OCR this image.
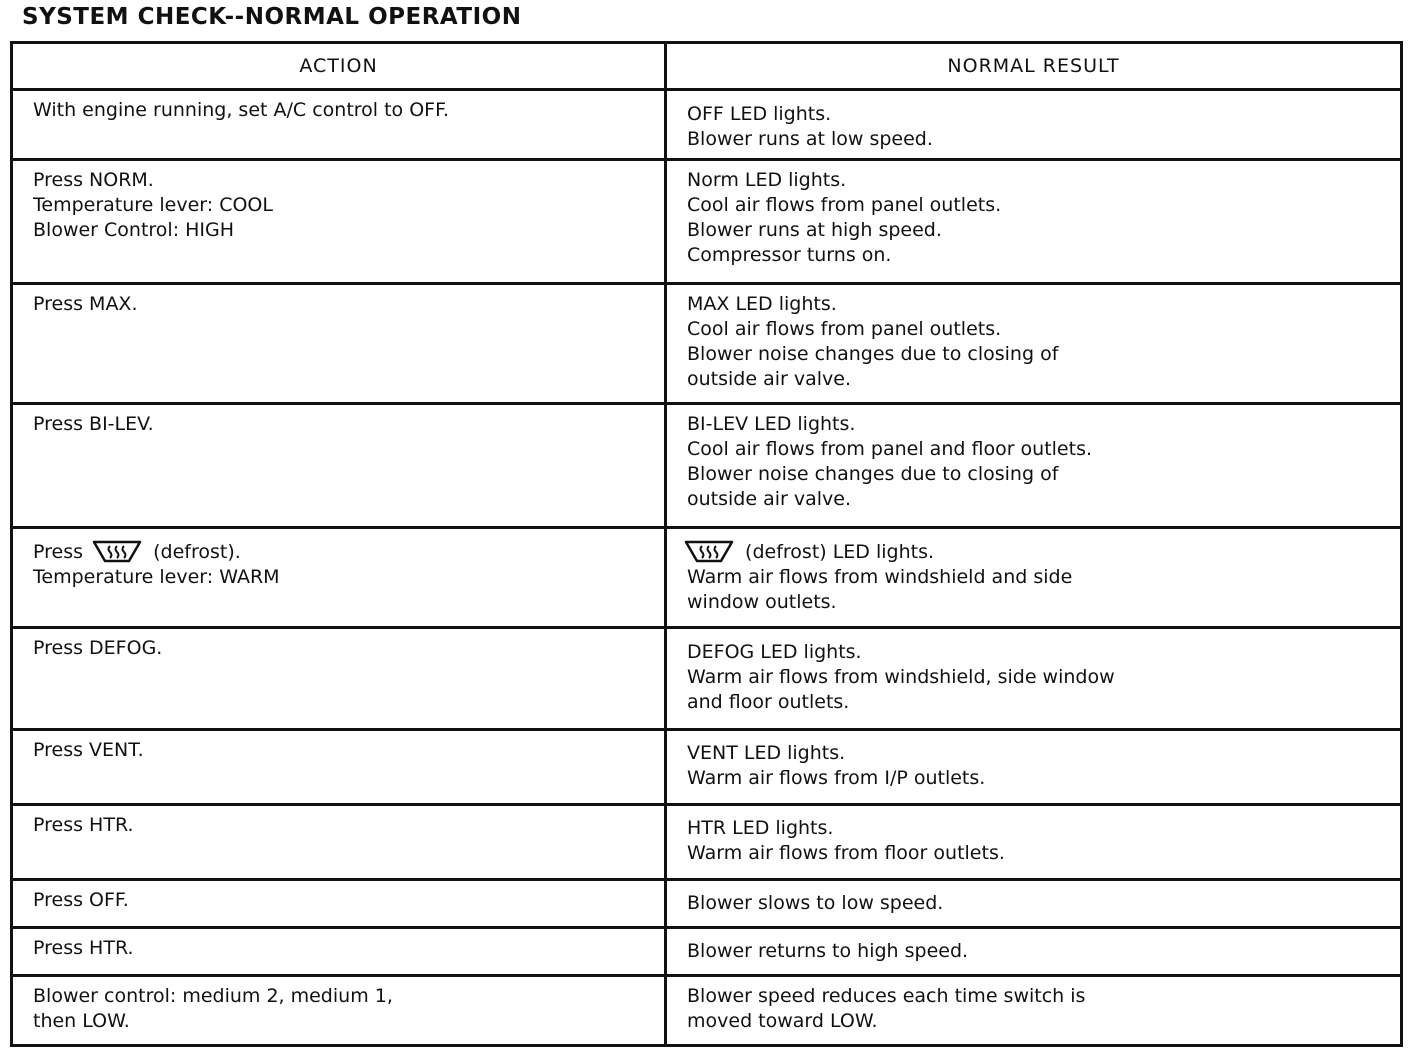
SYSTEM CHECK--NORMAL OPERATION
ACTION	NORMAL RESULT

With engine running, set A/C control to OFF.	OFF LED lights.
Blower runs at low speed.

Press NORM.
Temperature lever: COOL
Blower Control: HIGH	Norm LED lights.
Cool air flows from panel outlets.
Blower runs at high speed.
Compressor turns on.

Press MAX.	MAX LED lights.
Cool air flows from panel outlets.
Blower noise changes due to closing of
outside air valve.

Press BI-LEV.	BI-LEV LED lights.
Cool air flows from panel and floor outlets.
Blower noise changes due to closing of
outside air valve.

Press (defrost).
Temperature lever: WARM	(defrost) LED lights.
Warm air flows from windshield and side
window outlets.

Press DEFOG.	DEFOG LED lights.
Warm air flows from windshield, side window
and floor outlets.

Press VENT.	VENT LED lights.
Warm air flows from I/P outlets.

Press HTR.	HTR LED lights.
Warm air flows from floor outlets.

Press OFF.	Blower slows to low speed.

Press HTR.	Blower returns to high speed.

Blower control: medium 2, medium 1,
then LOW.	Blower speed reduces each time switch is
moved toward LOW.
